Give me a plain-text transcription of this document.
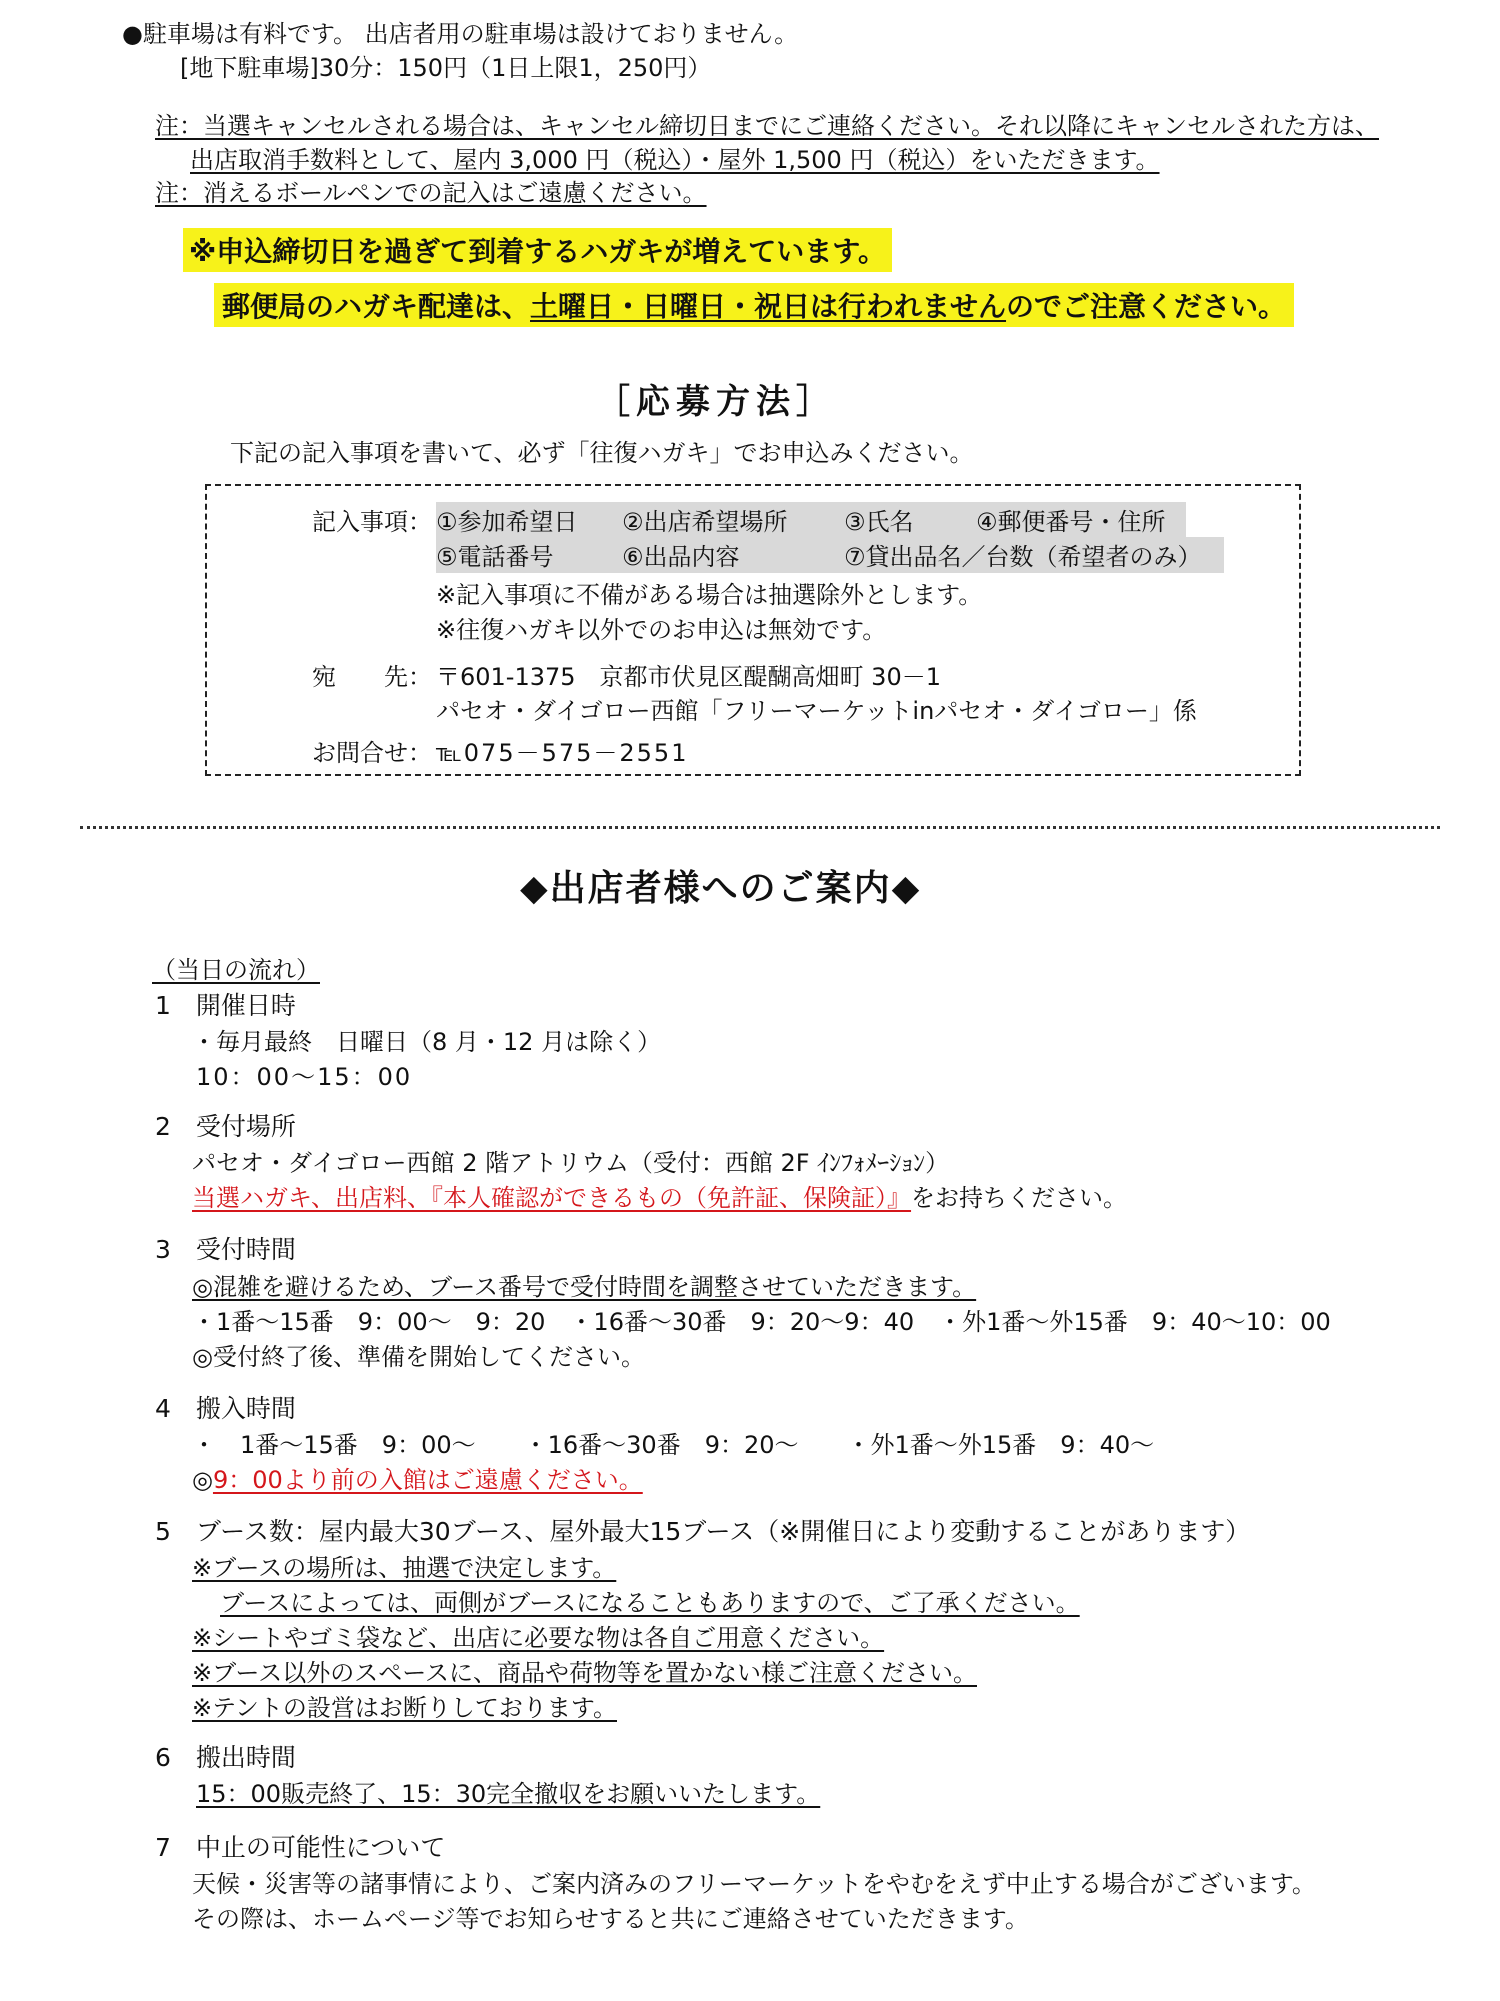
●駐車場は有料です。 出店者用の駐車場は設けておりません。
[地下駐車場]30分：150円（1日上限1，250円）
注：当選キャンセルされる場合は、キャンセル締切日までにご連絡ください。それ以降にキャンセルされた方は、
出店取消手数料として、屋内 3,000 円（税込）・屋外 1,500 円（税込）をいただきます。
注：消えるボールペンでの記入はご遠慮ください。
※申込締切日を過ぎて到着するハガキが増えています。
郵便局のハガキ配達は、土曜日・日曜日・祝日は行われませんのでご注意ください。
［応募方法］
下記の記入事項を書いて、必ず「往復ハガキ」でお申込みください。
記入事項： ①参加希望日 ②出店希望場所 ③氏名	④郵便番号・住所
⑤電話番号	⑥出品内容	⑦貸出品名／台数（希望者のみ）
※記入事項に不備がある場合は抽選除外とします。
※往復ハガキ以外でのお申込は無効です。
宛　　先： 〒601-1375　京都市伏見区醍醐高畑町 30－1
パセオ・ダイゴロー西館「フリーマーケットinパセオ・ダイゴロー」係
お問合せ： ℡075－575－2551
◆出店者様へのご案内◆
（当日の流れ）
1　開催日時
・毎月最終　日曜日（8 月・12 月は除く）
10：00～15：00
2　受付場所
パセオ・ダイゴロー西館 2 階アトリウム（受付：西館 2F ｲﾝﾌｫﾒｰｼｮﾝ）
当選ハガキ、出店料、『本人確認ができるもの（免許証、保険証）』をお持ちください。
3　受付時間
◎混雑を避けるため、ブース番号で受付時間を調整させていただきます。
・1番～15番　9：00～　9：20　・16番～30番　9：20～9：40　・外1番～外15番　9：40～10：00
◎受付終了後、準備を開始してください。
4　搬入時間
・　1番～15番　9：00～　　・16番～30番　9：20～　　・外1番～外15番　9：40～
◎9：00より前の入館はご遠慮ください。
5　ブース数：屋内最大30ブース、屋外最大15ブース（※開催日により変動することがあります）
※ブースの場所は、抽選で決定します。
ブースによっては、両側がブースになることもありますので、ご了承ください。
※シートやゴミ袋など、出店に必要な物は各自ご用意ください。
※ブース以外のスペースに、商品や荷物等を置かない様ご注意ください。
※テントの設営はお断りしております。
6　搬出時間
15：00販売終了、15：30完全撤収をお願いいたします。
7　中止の可能性について
天候・災害等の諸事情により、ご案内済みのフリーマーケットをやむをえず中止する場合がございます。
その際は、ホームページ等でお知らせすると共にご連絡させていただきます。
